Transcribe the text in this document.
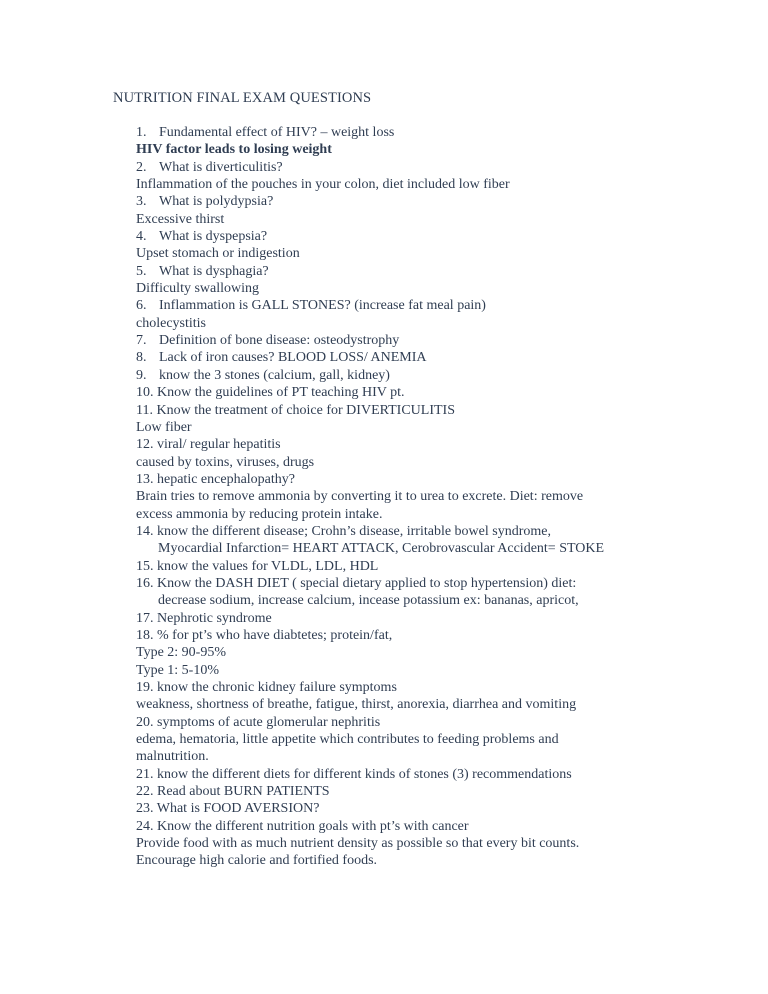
NUTRITION FINAL EXAM QUESTIONS
1. Fundamental effect of HIV? – weight loss
HIV factor leads to losing weight
2. What is diverticulitis?
Inflammation of the pouches in your colon, diet included low fiber
3. What is polydypsia?
Excessive thirst
4. What is dyspepsia?
Upset stomach or indigestion
5. What is dysphagia?
Difficulty swallowing
6. Inflammation is GALL STONES? (increase fat meal pain)
cholecystitis
7. Definition of bone disease: osteodystrophy
8. Lack of iron causes? BLOOD LOSS/ ANEMIA
9. know the 3 stones (calcium, gall, kidney)
10. Know the guidelines of PT teaching HIV pt.
11. Know the treatment of choice for DIVERTICULITIS
Low fiber
12. viral/ regular hepatitis
caused by toxins, viruses, drugs
13. hepatic encephalopathy?
Brain tries to remove ammonia by converting it to urea to excrete. Diet: remove
excess ammonia by reducing protein intake.
14. know the different disease; Crohn’s disease, irritable bowel syndrome,
Myocardial Infarction= HEART ATTACK, Cerobrovascular Accident= STOKE
15. know the values for VLDL, LDL, HDL
16. Know the DASH DIET ( special dietary applied to stop hypertension) diet:
decrease sodium, increase calcium, incease potassium ex: bananas, apricot,
17. Nephrotic syndrome
18. % for pt’s who have diabtetes; protein/fat,
Type 2: 90-95%
Type 1: 5-10%
19. know the chronic kidney failure symptoms
weakness, shortness of breathe, fatigue, thirst, anorexia, diarrhea and vomiting
20. symptoms of acute glomerular nephritis
edema, hematoria, little appetite which contributes to feeding problems and
malnutrition.
21. know the different diets for different kinds of stones (3) recommendations
22. Read about BURN PATIENTS
23. What is FOOD AVERSION?
24. Know the different nutrition goals with pt’s with cancer
Provide food with as much nutrient density as possible so that every bit counts.
Encourage high calorie and fortified foods.
